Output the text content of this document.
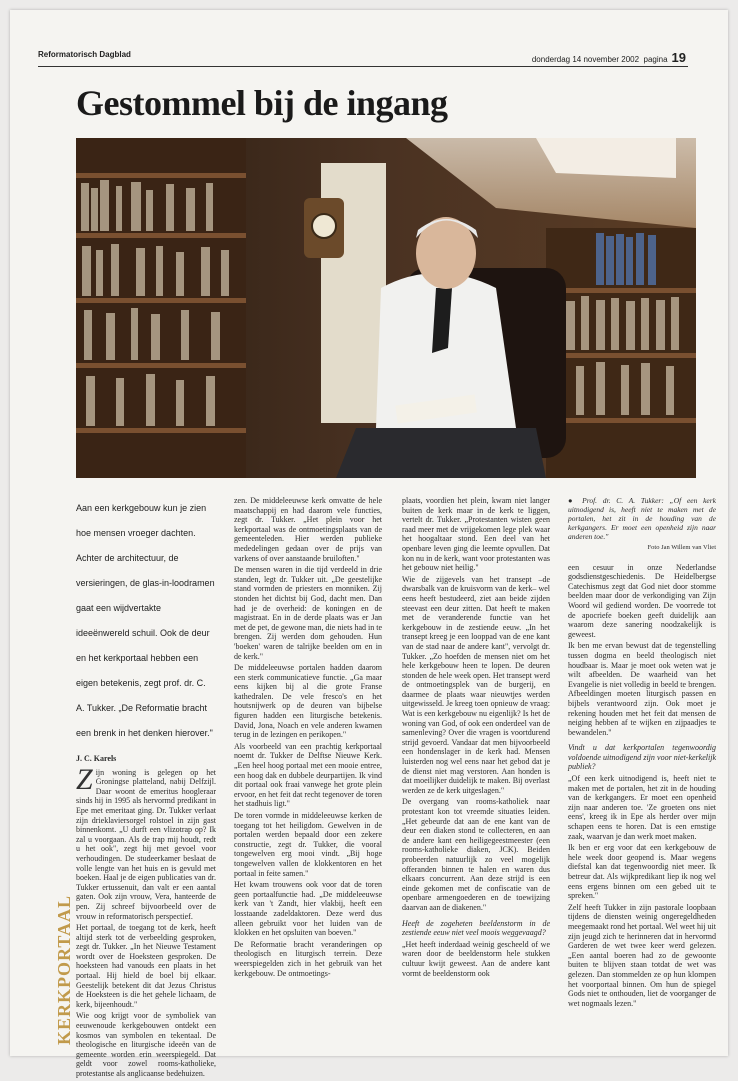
Reformatorisch Dagblad
donderdag 14 november 2002 pagina 19
Gestommel bij de ingang

Aan een kerkgebouw kun je zien hoe mensen vroeger dachten. Achter de architectuur, de versieringen, de glas-in-loodramen gaat een wijdvertakte ideeënwereld schuil. Ook de deur en het kerkportaal hebben een eigen betekenis, zegt prof. dr. C. A. Tukker. „De Reformatie bracht een brenk in het denken hierover."

J. C. Karels

Zijn woning is gelegen op het Groningse platteland, nabij Delfzijl. Daar woont de emeritus hoogleraar sinds hij in 1995 als hervormd predikant in Epe met emeritaat ging. Dr. Tukker verlaat zijn drieklaviersorgel rolstoel in zijn gast binnenkomt. „U durft een vlizotrap op? Ik zal u voorgaan. Als de trap mij houdt, redt u het ook", zegt hij met gevoel voor verhoudingen. De studeerkamer beslaat de volle lengte van het huis en is gevuld met boeken. Haal je de eigen publicaties van dr. Tukker ertussenuit, dan valt er een aantal gaten. Ook zijn vrouw, Vera, hanteerde de pen. Zij schreef bijvoorbeeld over de vrouw in reformatorisch perspectief.

Het portaal, de toegang tot de kerk, heeft altijd sterk tot de verbeelding gesproken, zegt dr. Tukker. „In het Nieuwe Testament wordt over de Hoeksteen gesproken. De hoeksteen had vanouds een plaats in het portaal. Hij hield de boel bij elkaar. Geestelijk betekent dit dat Jezus Christus de Hoeksteen is die het gehele lichaam, de kerk, bijeenhoudt."

Wie oog krijgt voor de symboliek van eeuwenoude kerkgebouwen ontdekt een kosmos van symbolen en tekentaal. De theologische en liturgische ideeën van de gemeente worden erin weerspiegeld. Dat geldt voor zowel rooms-katholieke, protestantse als anglicaanse bedehuizen.

zen. De middeleeuwse kerk omvatte de hele maatschappij en had daarom vele functies, zegt dr. Tukker. „Het plein voor het kerkportaal was de ontmoetingsplaats van de gemeenteleden. Hier werden publieke mededelingen gedaan over de prijs van varkens of over aanstaande bruiloften."

De mensen waren in die tijd verdeeld in drie standen, legt dr. Tukker uit. „De geestelijke stand vormden de priesters en monniken. Zij stonden het dichtst bij God, dacht men. Dan had je de overheid: de koningen en de magistraat. En in de derde plaats was er Jan met de pet, de gewone man, die niets had in te brengen. Zij werden dom gehouden. Hun 'boeken' waren de talrijke beelden om en in de kerk."

De middeleeuwse portalen hadden daarom een sterk communicatieve functie. „Ga maar eens kijken bij al die grote Franse kathedralen. De vele fresco's en het houtsnijwerk op de deuren van bijbelse figuren hadden een liturgische betekenis. David, Jona, Noach en vele anderen kwamen terug in de lezingen en perikopen."

Als voorbeeld van een prachtig kerkportaal noemt dr. Tukker de Delftse Nieuwe Kerk. „Een heel hoog portaal met een mooie entree, een hoog dak en dubbele deurpartijen. Ik vind dit portaal ook fraai vanwege het grote plein ervoor, en het feit dat recht tegenover de toren het stadhuis ligt."

De toren vormde in middeleeuwse kerken de toegang tot het heiligdom. Gewelven in de portalen werden bepaald door een zekere constructie, zegt dr. Tukker, die vooral tongewelven erg mooi vindt. „Bij hoge tongewelven vallen de klokkentoren en het portaal in feite samen."

Het kwam trouwens ook voor dat de toren geen portaalfunctie had. „De middeleeuwse kerk van 't Zandt, hier vlakbij, heeft een losstaande zadeldaktoren. Deze werd dus alleen gebruikt voor het luiden van de klokken en het opsluiten van boeven."

De Reformatie bracht veranderingen op theologisch en liturgisch terrein. Deze weerspiegelden zich in het gebruik van het kerkgebouw. De ontmoetings-

plaats, voordien het plein, kwam niet langer buiten de kerk maar in de kerk te liggen, vertelt dr. Tukker. „Protestanten wisten geen raad meer met de vrijgekomen lege plek waar het hoogaltaar stond. Een deel van het openbare leven ging die leemte opvullen. Dat kon nu in de kerk, want voor protestanten was het gebouw niet heilig."

Wie de zijgevels van het transept –de dwarsbalk van de kruisvorm van de kerk– wel eens heeft bestudeerd, ziet aan beide zijden steevast een deur zitten. Dat heeft te maken met de veranderende functie van het kerkgebouw in de zestiende eeuw. „In het transept kreeg je een looppad van de ene kant van de stad naar de andere kant", vervolgt dr. Tukker. „Zo hoefden de mensen niet om het hele kerkgebouw heen te lopen. De deuren stonden de hele week open. Het transept werd de ontmoetingsplek van de burgerij, en daarmee de plaats waar nieuwtjes werden uitgewisseld. Je kreeg toen opnieuw de vraag: Wat is een kerkgebouw nu eigenlijk? Is het de woning van God, of ook een onderdeel van de samenleving? Over die vragen is voortdurend strijd gevoerd. Vandaar dat men bijvoorbeeld een hondenslager in de kerk had. Mensen luisterden nog wel eens naar het gebod dat je de dienst niet mag verstoren. Aan honden is dat moeilijker duidelijk te maken. Bij overlast werden ze de kerk uitgeslagen."

De overgang van rooms-katholiek naar protestant kon tot vreemde situaties leiden. „Het gebeurde dat aan de ene kant van de deur een diaken stond te collecteren, en aan de andere kant een heiligegeestmeester (een rooms-katholieke diaken, JCK). Beiden probeerden natuurlijk zo veel mogelijk offeranden binnen te halen en waren dus elkaars concurrent. Aan deze strijd is een einde gekomen met de confiscatie van de openbare armengoederen en de toewijzing daarvan aan de diakenen."

Heeft de zogeheten beeldenstorm in de zestiende eeuw niet veel moois weggevaagd?

„Het heeft inderdaad weinig gescheeld of we waren door de beeldenstorm hele stukken cultuur kwijt geweest. Aan de andere kant vormt de beeldenstorm ook

● Prof. dr. C. A. Tukker: „Of een kerk uitnodigend is, heeft niet te maken met de portalen, het zit in de houding van de kerkgangers. Er moet een openheid zijn naar anderen toe."

Foto Jan Willem van Vliet

een cesuur in onze Nederlandse godsdienstgeschiedenis. De Heidelbergse Catechismus zegt dat God niet door stomme beelden maar door de verkondiging van Zijn Woord wil gediend worden. De voorrede tot de apocriefe boeken geeft duidelijk aan waarom deze sanering noodzakelijk is geweest.

Ik ben me ervan bewust dat de tegenstelling tussen dogma en beeld theologisch niet houdbaar is. Maar je moet ook weten wat je wilt afbeelden. De waarheid van het Evangelie is niet volledig in beeld te brengen. Afbeeldingen moeten liturgisch passen en bijbels verantwoord zijn. Ook moet je rekening houden met het feit dat mensen de neiging hebben af te wijken en zijpaadjes te bewandelen."

Vindt u dat kerkportalen tegenwoordig voldoende uitnodigend zijn voor niet-kerkelijk publiek?

„Of een kerk uitnodigend is, heeft niet te maken met de portalen, het zit in de houding van de kerkgangers. Er moet een openheid zijn naar anderen toe. 'Ze groeten ons niet eens', kreeg ik in Epe als herder over mijn schapen eens te horen. Dat is een ernstige zaak, waarvan je dan werk moet maken.

Ik ben er erg voor dat een kerkgebouw de hele week door geopend is. Maar wegens diefstal kan dat tegenwoordig niet meer. Ik betreur dat. Als wijkpredikant liep ik nog wel eens ergens binnen om een gebed uit te spreken."

Zelf heeft Tukker in zijn pastorale loopbaan tijdens de diensten weinig ongeregeldheden meegemaakt rond het portaal. Wel weet hij uit zijn jeugd zich te herinneren dat in hervormd Garderen de wet twee keer werd gelezen. „Een aantal boeren had zo de gewoonte buiten te blijven staan totdat de wet was gelezen. Dan stommelden ze op hun klompen het voorportaal binnen. Om hun de spiegel Gods niet te onthouden, liet de voorganger de wet nogmaals lezen."

KERKPORTAAL
